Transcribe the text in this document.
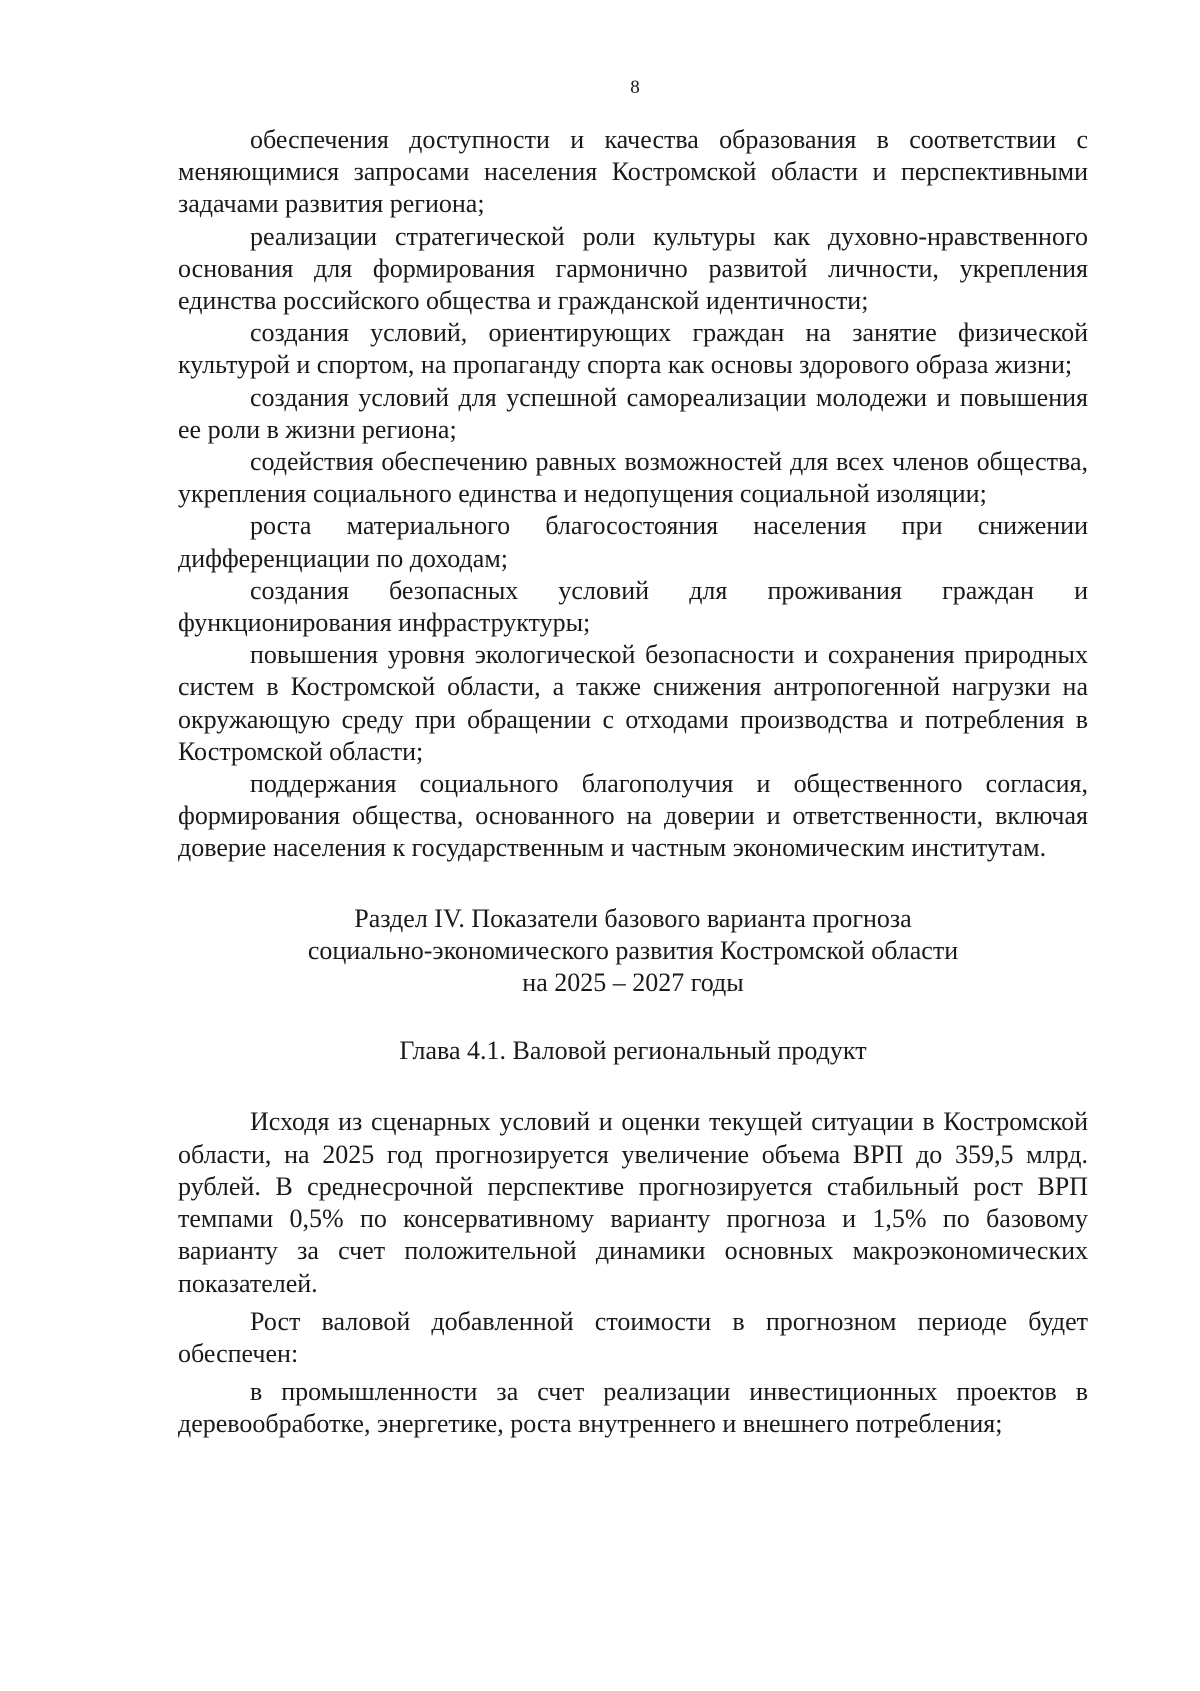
8

обеспечения доступности и качества образования в соответствии с меняющимися запросами населения Костромской области и перспективными задачами развития региона;

реализации стратегической роли культуры как духовно-нравственного основания для формирования гармонично развитой личности, укрепления единства российского общества и гражданской идентичности;

создания условий, ориентирующих граждан на занятие физической культурой и спортом, на пропаганду спорта как основы здорового образа жизни;

создания условий для успешной самореализации молодежи и повышения ее роли в жизни региона;

содействия обеспечению равных возможностей для всех членов общества, укрепления социального единства и недопущения социальной изоляции;

роста материального благосостояния населения при снижении дифференциации по доходам;

создания безопасных условий для проживания граждан и функционирования инфраструктуры;

повышения уровня экологической безопасности и сохранения природных систем в Костромской области, а также снижения антропогенной нагрузки на окружающую среду при обращении с отходами производства и потребления в Костромской области;

поддержания социального благополучия и общественного согласия, формирования общества, основанного на доверии и ответственности, включая доверие населения к государственным и частным экономическим институтам.

Раздел IV. Показатели базового варианта прогноза
социально-экономического развития Костромской области
на 2025 – 2027 годы
Глава 4.1. Валовой региональный продукт

Исходя из сценарных условий и оценки текущей ситуации в Костромской области, на 2025 год прогнозируется увеличение объема ВРП до 359,5 млрд. рублей. В среднесрочной перспективе прогнозируется стабильный рост ВРП темпами 0,5% по консервативному варианту прогноза и 1,5% по базовому варианту за счет положительной динамики основных макроэкономических показателей.

Рост валовой добавленной стоимости в прогнозном периоде будет обеспечен:

в промышленности за счет реализации инвестиционных проектов в деревообработке, энергетике, роста внутреннего и внешнего потребления;
